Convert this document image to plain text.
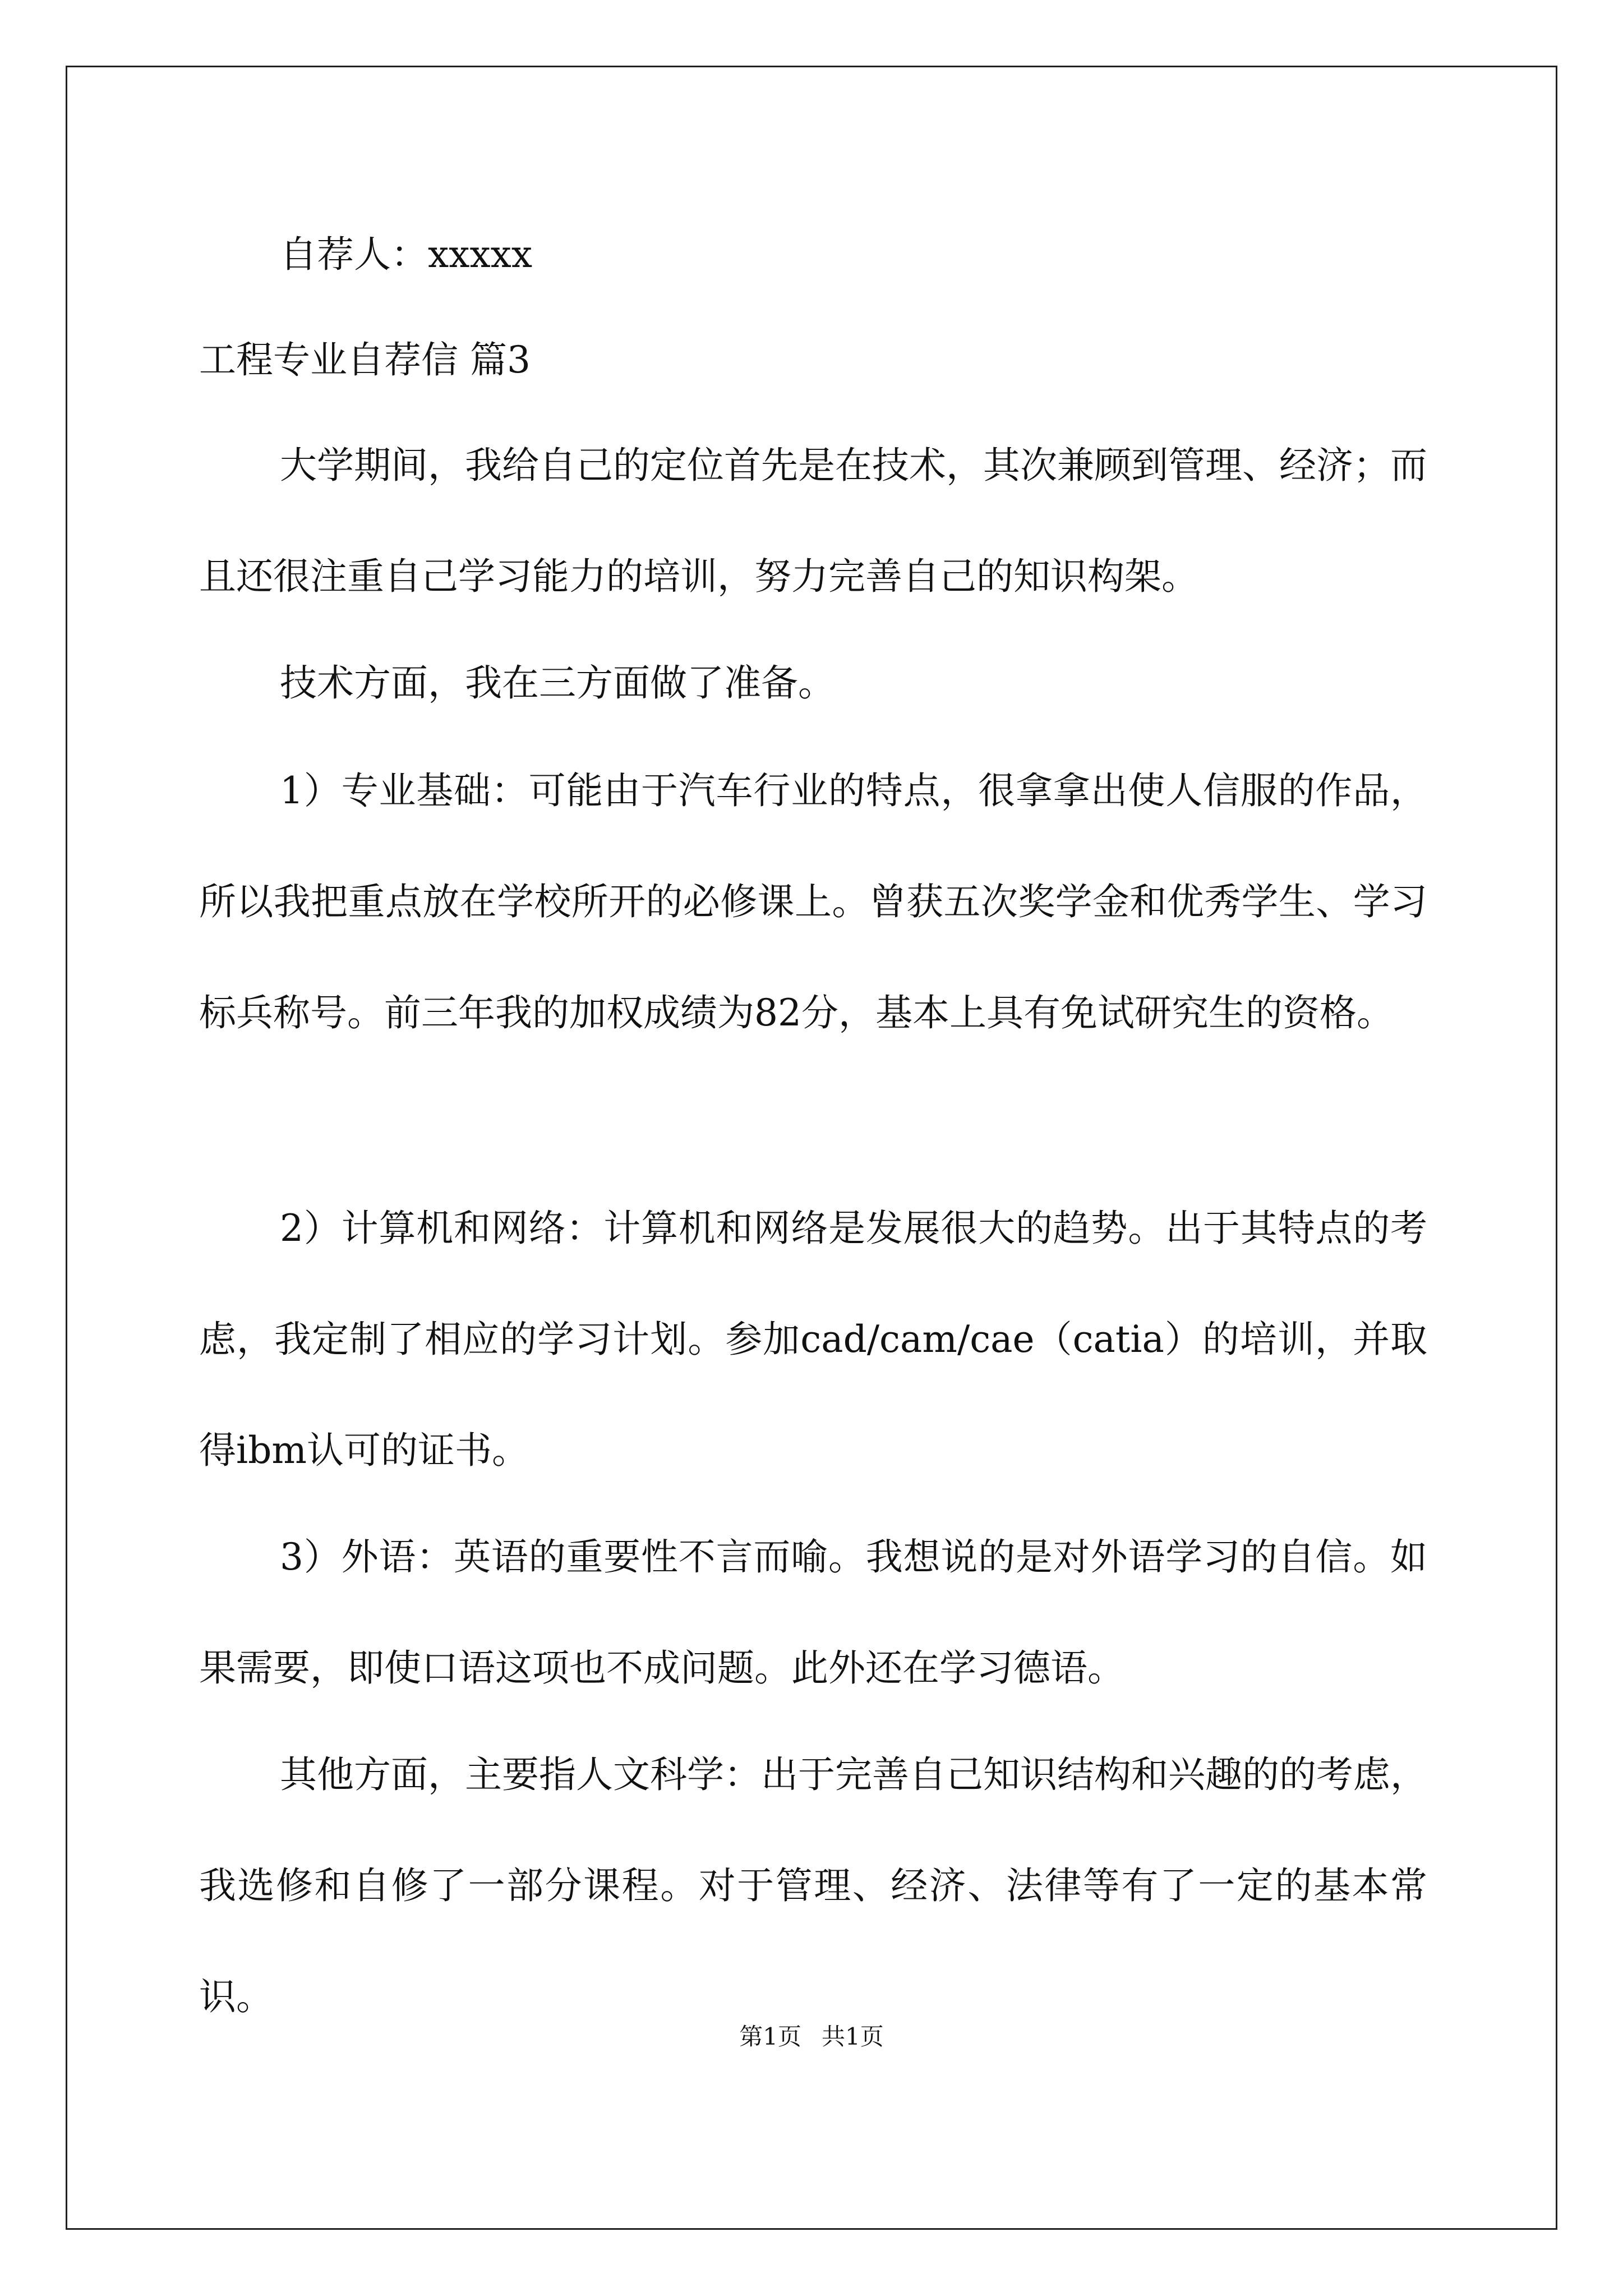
自荐人：xxxxx

工程专业自荐信 篇3

大学期间，我给自己的定位首先是在技术，其次兼顾到管理、经济；而且还很注重自己学习能力的培训，努力完善自己的知识构架。

技术方面，我在三方面做了准备。

1）专业基础：可能由于汽车行业的特点，很拿拿出使人信服的作品，所以我把重点放在学校所开的必修课上。曾获五次奖学金和优秀学生、学习标兵称号。前三年我的加权成绩为82分，基本上具有免试研究生的资格。

2）计算机和网络：计算机和网络是发展很大的趋势。出于其特点的考虑，我定制了相应的学习计划。参加cad/cam/cae（catia）的培训，并取得ibm认可的证书。

3）外语：英语的重要性不言而喻。我想说的是对外语学习的自信。如果需要，即使口语这项也不成问题。此外还在学习德语。

其他方面，主要指人文科学：出于完善自己知识结构和兴趣的的考虑，我选修和自修了一部分课程。对于管理、经济、法律等有了一定的基本常识。

第1页 共1页
